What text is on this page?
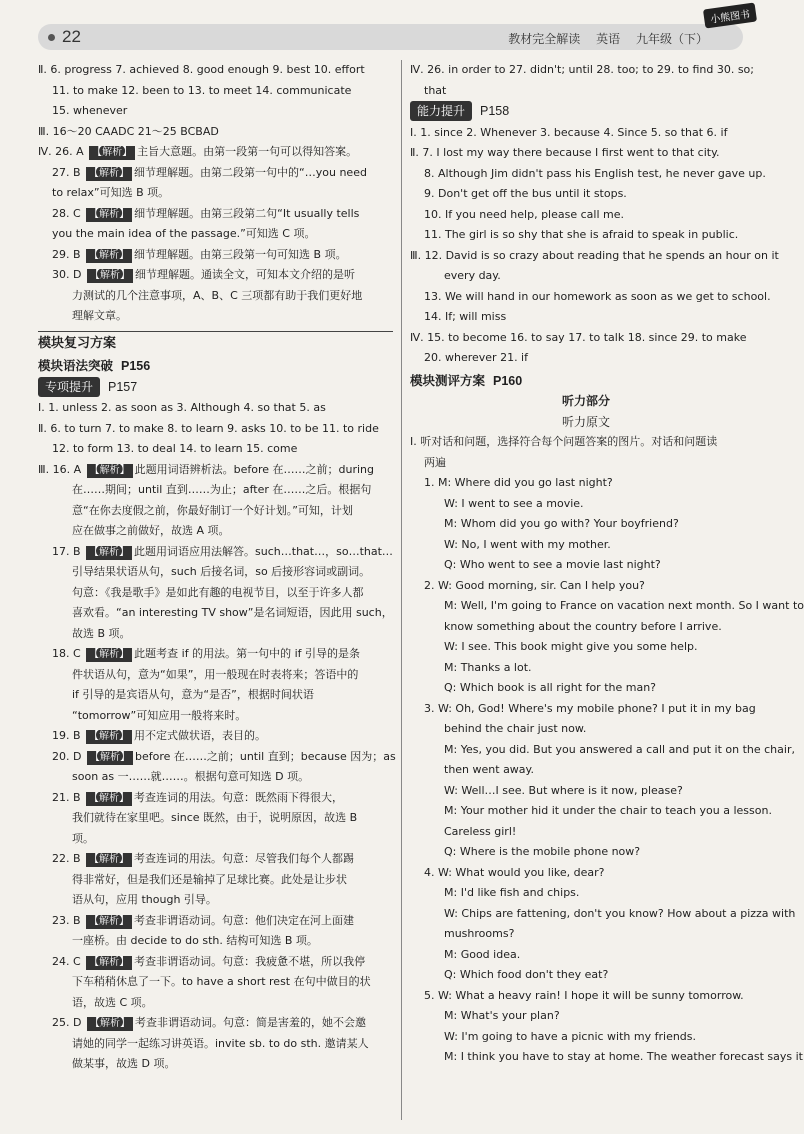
22	教材完全解读 英语 九年级（下）
小熊图书
Ⅱ. 6. progress 7. achieved 8. good enough 9. best 10. effort
11. to make 12. been to 13. to meet 14. communicate
15. whenever
Ⅲ. 16～20 CAADC 21～25 BCBAD
Ⅳ. 26. A 【解析】 主旨大意题。由第一段第一句可以得知答案。
27. B 【解析】 细节理解题。由第二段第一句中的“…you need
to relax”可知选 B 项。
28. C 【解析】 细节理解题。由第三段第二句“It usually tells
you the main idea of the passage.”可知选 C 项。
29. B 【解析】 细节理解题。由第三段第一句可知选 B 项。
30. D 【解析】 细节理解题。通读全文，可知本文介绍的是听
力测试的几个注意事项，A、B、C 三项都有助于我们更好地
理解文章。
模块复习方案
模块语法突破 P156
专项提升 P157
Ⅰ. 1. unless 2. as soon as 3. Although 4. so that 5. as
Ⅱ. 6. to turn 7. to make 8. to learn 9. asks 10. to be 11. to ride
12. to form 13. to deal 14. to learn 15. come
Ⅲ. 16. A 【解析】 此题用词语辨析法。before 在……之前；during
在……期间；until 直到……为止；after 在……之后。根据句
意“在你去度假之前，你最好制订一个好计划。”可知，计划
应在做事之前做好，故选 A 项。
17. B 【解析】 此题用词语应用法解答。such…that…，so…that…
引导结果状语从句，such 后接名词，so 后接形容词或副词。
句意：《我是歌手》是如此有趣的电视节目，以至于许多人都
喜欢看。“an interesting TV show”是名词短语，因此用 such，
故选 B 项。
18. C 【解析】 此题考查 if 的用法。第一句中的 if 引导的是条
件状语从句，意为“如果”，用一般现在时表将来；答语中的
if 引导的是宾语从句，意为“是否”，根据时间状语
“tomorrow”可知应用一般将来时。
19. B 【解析】 用不定式做状语，表目的。
20. D 【解析】 before 在……之前；until 直到；because 因为；as
soon as 一……就……。根据句意可知选 D 项。
21. B 【解析】 考查连词的用法。句意：既然雨下得很大，
我们就待在家里吧。since 既然，由于，说明原因，故选 B
项。
22. B 【解析】 考查连词的用法。句意：尽管我们每个人都踢
得非常好，但是我们还是输掉了足球比赛。此处是让步状
语从句，应用 though 引导。
23. B 【解析】 考查非谓语动词。句意：他们决定在河上面建
一座桥。由 decide to do sth. 结构可知选 B 项。
24. C 【解析】 考查非谓语动词。句意：我疲惫不堪，所以我停
下车稍稍休息了一下。to have a short rest 在句中做目的状
语，故选 C 项。
25. D 【解析】 考查非谓语动词。句意：简是害羞的，她不会邀
请她的同学一起练习讲英语。invite sb. to do sth. 邀请某人
做某事，故选 D 项。
Ⅳ. 26. in order to 27. didn't; until 28. too; to 29. to find 30. so;
that
能力提升 P158
Ⅰ. 1. since 2. Whenever 3. because 4. Since 5. so that 6. if
Ⅱ. 7. I lost my way there because I first went to that city.
8. Although Jim didn't pass his English test, he never gave up.
9. Don't get off the bus until it stops.
10. If you need help, please call me.
11. The girl is so shy that she is afraid to speak in public.
Ⅲ. 12. David is so crazy about reading that he spends an hour on it
every day.
13. We will hand in our homework as soon as we get to school.
14. If; will miss
Ⅳ. 15. to become 16. to say 17. to talk 18. since 29. to make
20. wherever 21. if
模块测评方案 P160
听力部分
听力原文
Ⅰ. 听对话和问题，选择符合每个问题答案的图片。对话和问题读
两遍
1. M: Where did you go last night?
W: I went to see a movie.
M: Whom did you go with? Your boyfriend?
W: No, I went with my mother.
Q: Who went to see a movie last night?
2. W: Good morning, sir. Can I help you?
M: Well, I'm going to France on vacation next month. So I want to
know something about the country before I arrive.
W: I see. This book might give you some help.
M: Thanks a lot.
Q: Which book is all right for the man?
3. W: Oh, God! Where's my mobile phone? I put it in my bag
behind the chair just now.
M: Yes, you did. But you answered a call and put it on the chair,
then went away.
W: Well…I see. But where is it now, please?
M: Your mother hid it under the chair to teach you a lesson.
Careless girl!
Q: Where is the mobile phone now?
4. W: What would you like, dear?
M: I'd like fish and chips.
W: Chips are fattening, don't you know? How about a pizza with
mushrooms?
M: Good idea.
Q: Which food don't they eat?
5. W: What a heavy rain! I hope it will be sunny tomorrow.
M: What's your plan?
W: I'm going to have a picnic with my friends.
M: I think you have to stay at home. The weather forecast says it
